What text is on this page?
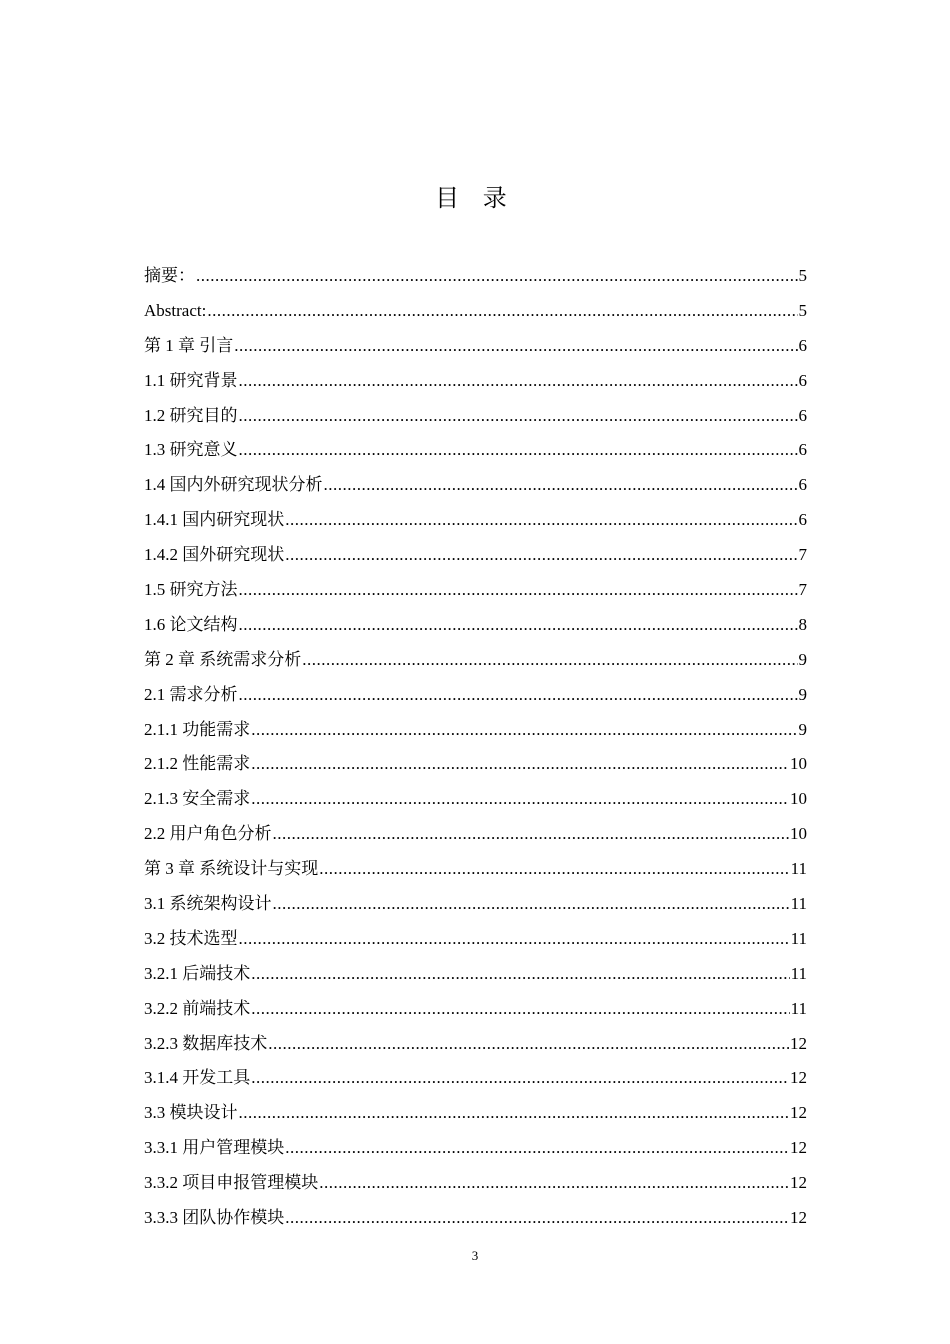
目 录
摘要： .....	5
Abstract: .....	5
第 1 章 引言 .....	6
1.1 研究背景 .....	6
1.2 研究目的 .....	6
1.3 研究意义 .....	6
1.4 国内外研究现状分析 .....	6
1.4.1 国内研究现状 .....	6
1.4.2 国外研究现状 .....	7
1.5 研究方法 .....	7
1.6 论文结构 .....	8
第 2 章 系统需求分析 .....	9
2.1 需求分析 .....	9
2.1.1 功能需求 .....	9
2.1.2 性能需求 .....	10
2.1.3 安全需求 .....	10
2.2 用户角色分析 .....	10
第 3 章 系统设计与实现 .....	11
3.1 系统架构设计 .....	11
3.2 技术选型 .....	11
3.2.1 后端技术 .....	11
3.2.2 前端技术 .....	11
3.2.3 数据库技术 .....	12
3.1.4 开发工具 .....	12
3.3 模块设计 .....	12
3.3.1 用户管理模块 .....	12
3.3.2 项目申报管理模块 .....	12
3.3.3 团队协作模块 .....	12
3
